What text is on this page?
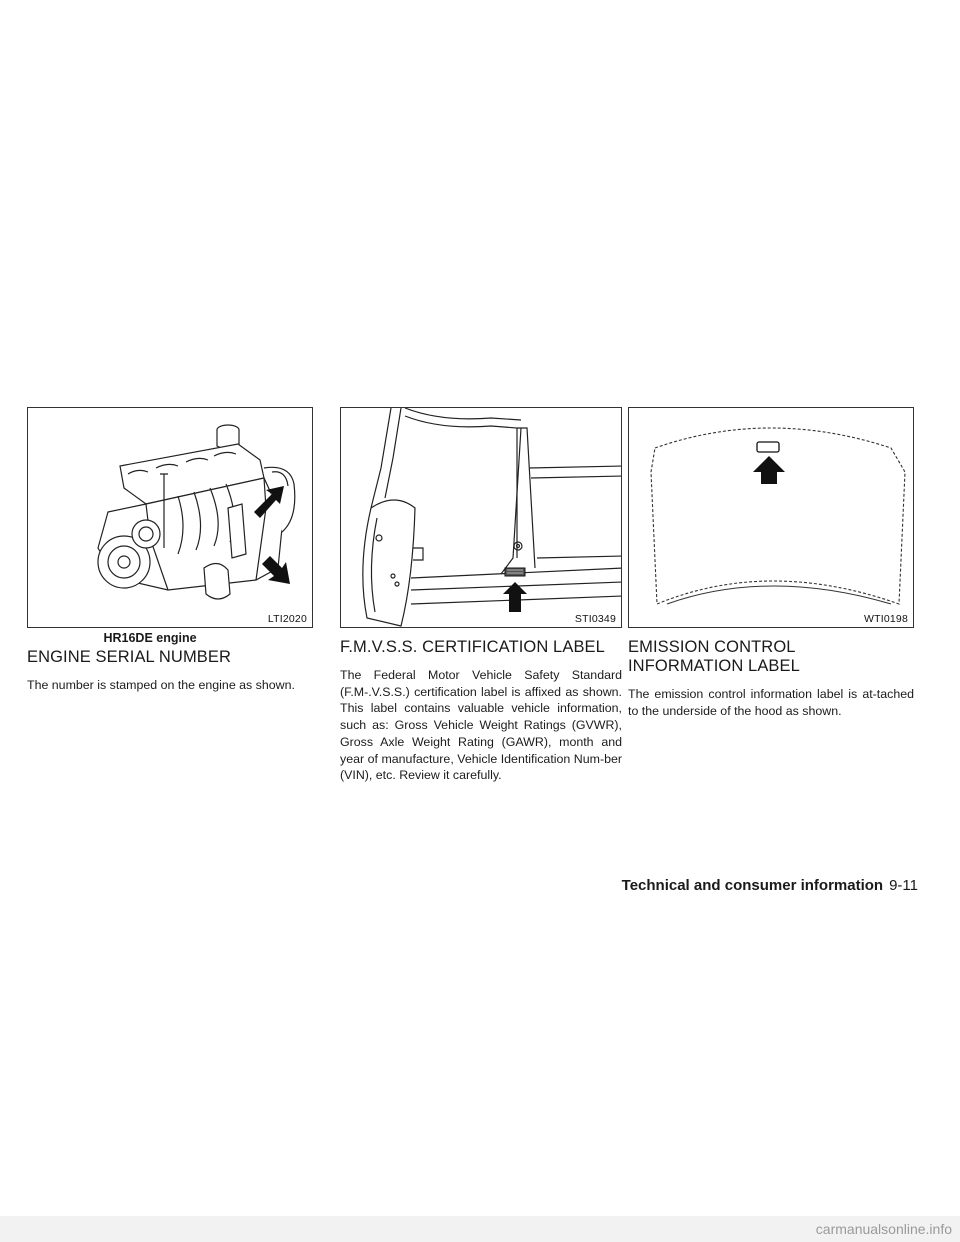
LTI2020
HR16DE engine
ENGINE SERIAL NUMBER

The number is stamped on the engine as shown.

STI0349
F.M.V.S.S. CERTIFICATION LABEL

The Federal Motor Vehicle Safety Standard (F.M-.V.S.S.) certification label is affixed as shown. This label contains valuable vehicle information, such as: Gross Vehicle Weight Ratings (GVWR), Gross Axle Weight Rating (GAWR), month and year of manufacture, Vehicle Identification Num-ber (VIN), etc. Review it carefully.

WTI0198
EMISSION CONTROL
INFORMATION LABEL

The emission control information label is at-tached to the underside of the hood as shown.

Technical and consumer information 9-11
carmanualsonline.info
